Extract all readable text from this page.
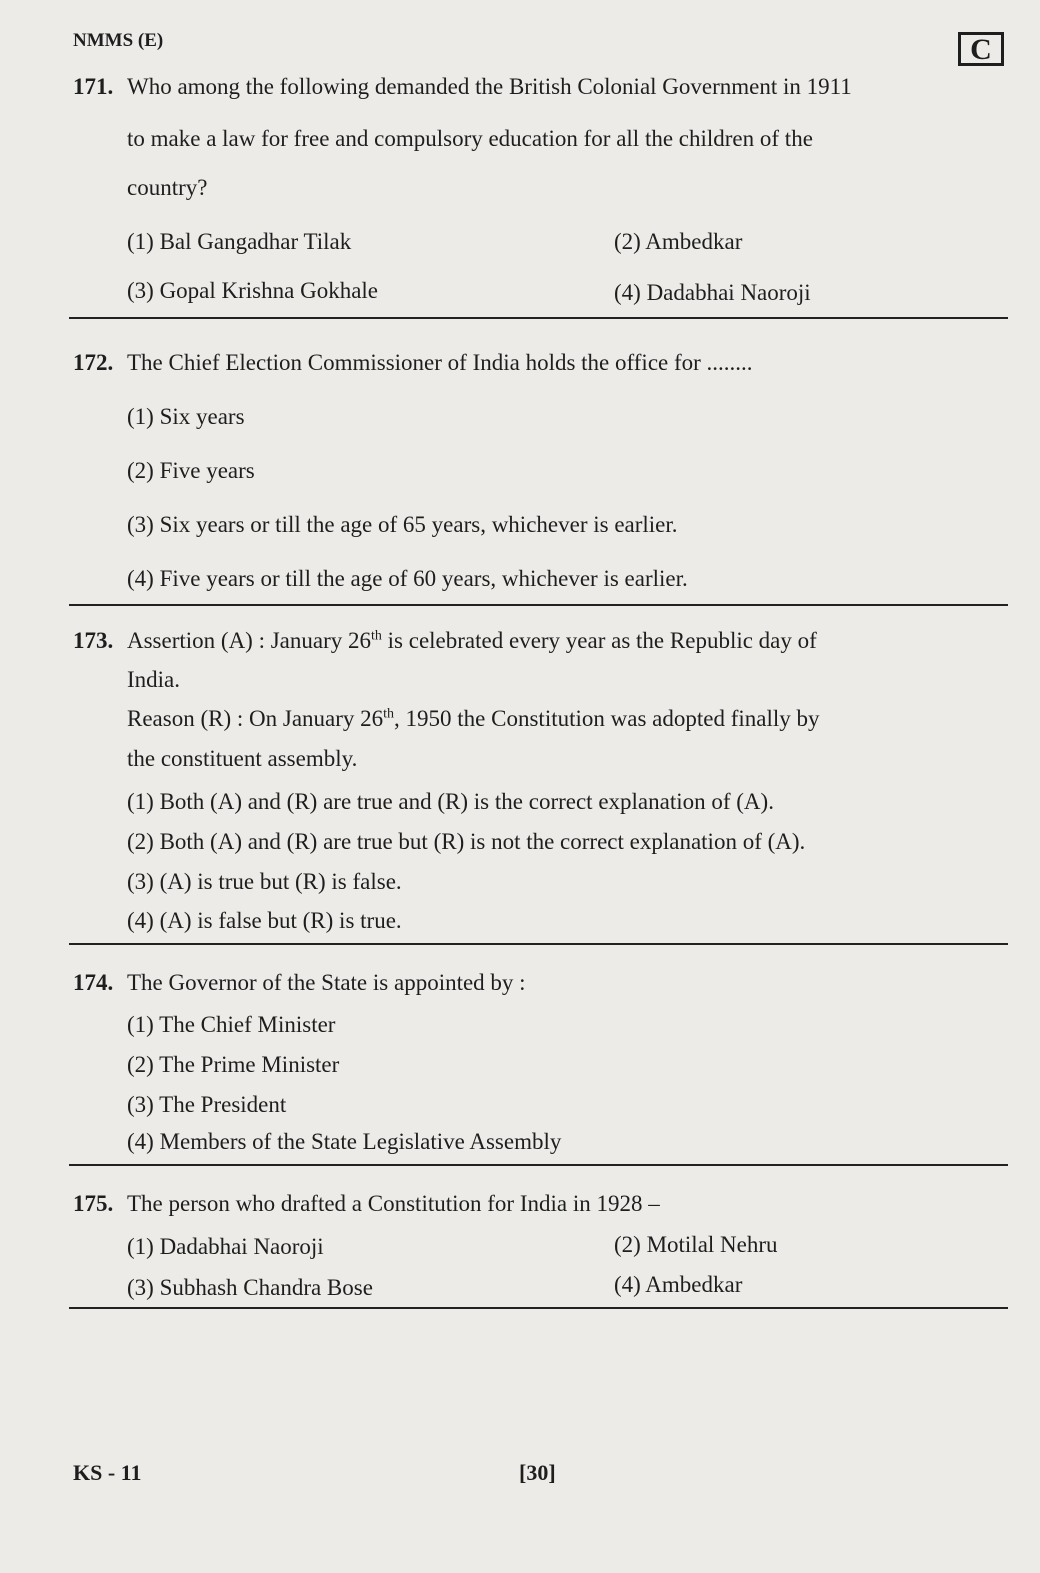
NMMS (E)	C
171. Who among the following demanded the British Colonial Government in 1911
to make a law for free and compulsory education for all the children of the
country?
(1) Bal Gangadhar Tilak	(2) Ambedkar
(3) Gopal Krishna Gokhale	(4) Dadabhai Naoroji
172. The Chief Election Commissioner of India holds the office for ........
(1) Six years
(2) Five years
(3) Six years or till the age of 65 years, whichever is earlier.
(4) Five years or till the age of 60 years, whichever is earlier.
173. Assertion (A) : January 26th is celebrated every year as the Republic day of
India.
Reason (R) : On January 26th, 1950 the Constitution was adopted finally by
the constituent assembly.
(1) Both (A) and (R) are true and (R) is the correct explanation of (A).
(2) Both (A) and (R) are true but (R) is not the correct explanation of (A).
(3) (A) is true but (R) is false.
(4) (A) is false but (R) is true.
174. The Governor of the State is appointed by :
(1) The Chief Minister
(2) The Prime Minister
(3) The President
(4) Members of the State Legislative Assembly
175. The person who drafted a Constitution for India in 1928 –
(1) Dadabhai Naoroji	(2) Motilal Nehru
(3) Subhash Chandra Bose	(4) Ambedkar
KS - 11	[30]
